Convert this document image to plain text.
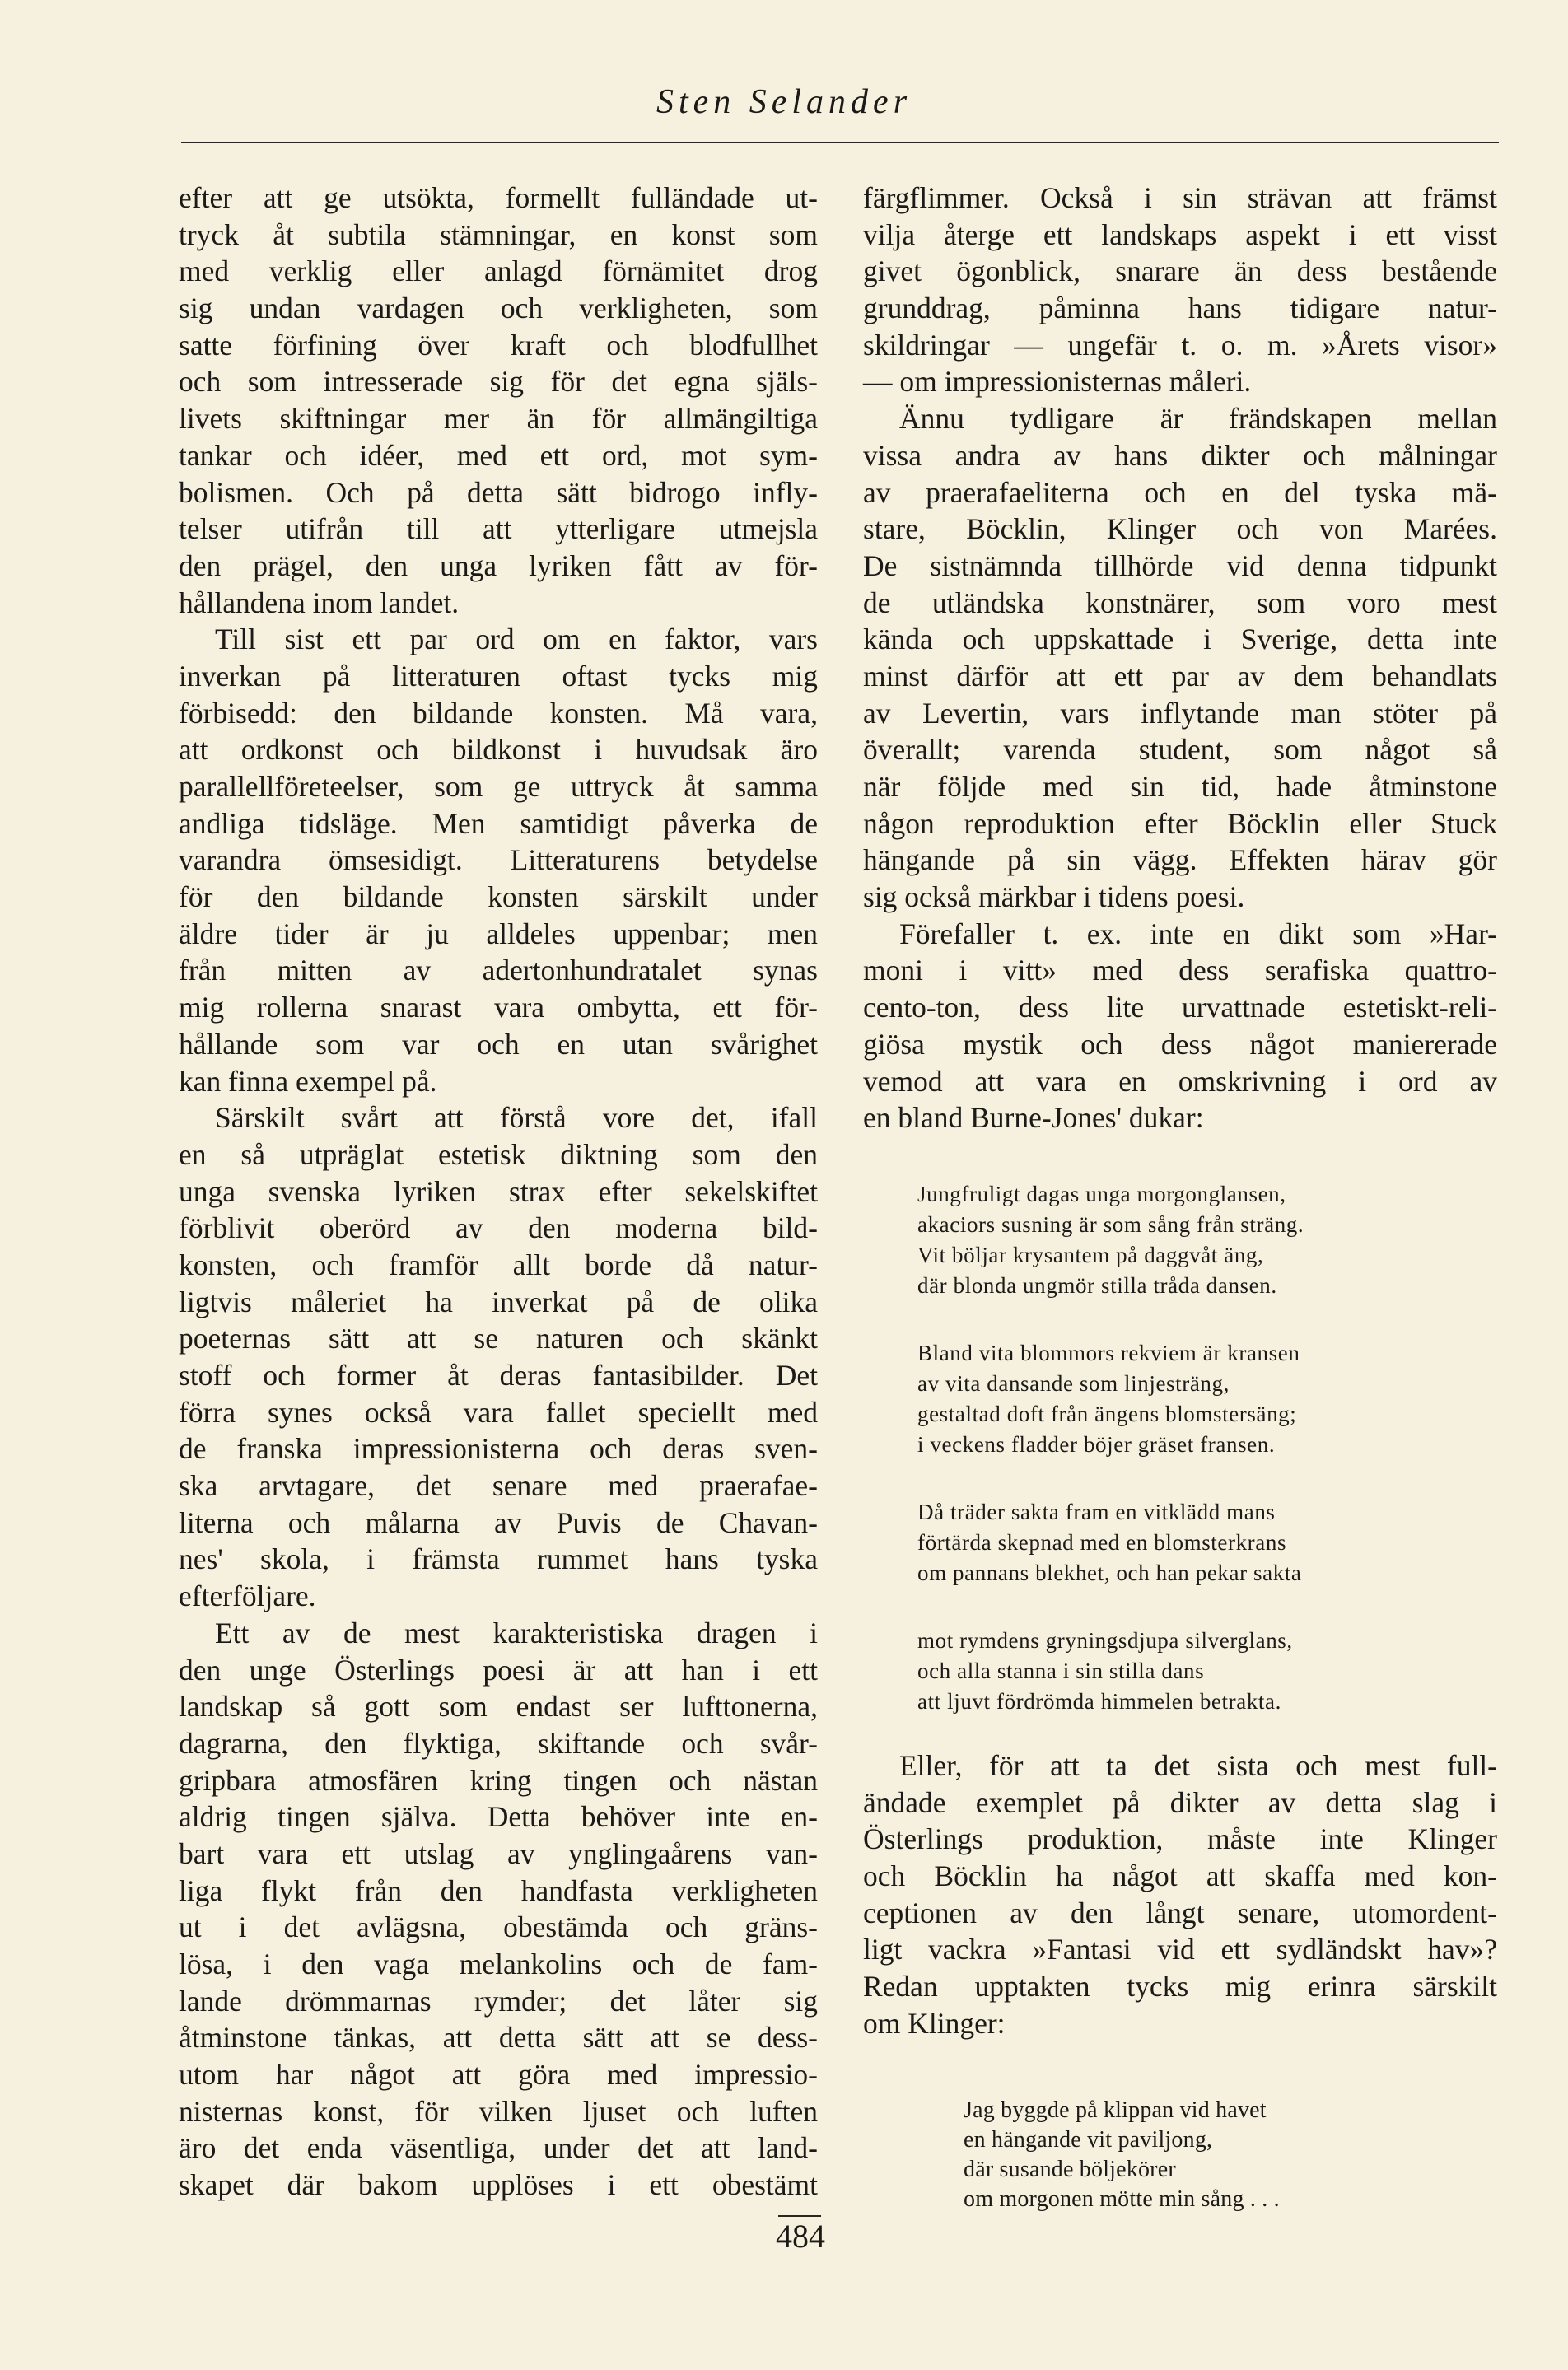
Sten Selander
efter att ge utsökta, formellt fulländade ut-
tryck åt subtila stämningar, en konst som
med verklig eller anlagd förnämitet drog
sig undan vardagen och verkligheten, som
satte förfining över kraft och blodfullhet
och som intresserade sig för det egna själs-
livets skiftningar mer än för allmängiltiga
tankar och idéer, med ett ord, mot sym-
bolismen. Och på detta sätt bidrogo infly-
telser utifrån till att ytterligare utmejsla
den prägel, den unga lyriken fått av för-
hållandena inom landet.
Till sist ett par ord om en faktor, vars
inverkan på litteraturen oftast tycks mig
förbisedd: den bildande konsten. Må vara,
att ordkonst och bildkonst i huvudsak äro
parallellföreteelser, som ge uttryck åt samma
andliga tidsläge. Men samtidigt påverka de
varandra ömsesidigt. Litteraturens betydelse
för den bildande konsten särskilt under
äldre tider är ju alldeles uppenbar; men
från mitten av adertonhundratalet synas
mig rollerna snarast vara ombytta, ett för-
hållande som var och en utan svårighet
kan finna exempel på.
Särskilt svårt att förstå vore det, ifall
en så utpräglat estetisk diktning som den
unga svenska lyriken strax efter sekelskiftet
förblivit oberörd av den moderna bild-
konsten, och framför allt borde då natur-
ligtvis måleriet ha inverkat på de olika
poeternas sätt att se naturen och skänkt
stoff och former åt deras fantasibilder. Det
förra synes också vara fallet speciellt med
de franska impressionisterna och deras sven-
ska arvtagare, det senare med praerafae-
literna och målarna av Puvis de Chavan-
nes' skola, i främsta rummet hans tyska
efterföljare.
Ett av de mest karakteristiska dragen i
den unge Österlings poesi är att han i ett
landskap så gott som endast ser lufttonerna,
dagrarna, den flyktiga, skiftande och svår-
gripbara atmosfären kring tingen och nästan
aldrig tingen själva. Detta behöver inte en-
bart vara ett utslag av ynglingaårens van-
liga flykt från den handfasta verkligheten
ut i det avlägsna, obestämda och gräns-
lösa, i den vaga melankolins och de fam-
lande drömmarnas rymder; det låter sig
åtminstone tänkas, att detta sätt att se dess-
utom har något att göra med impressio-
nisternas konst, för vilken ljuset och luften
äro det enda väsentliga, under det att land-
skapet där bakom upplöses i ett obestämt
färgflimmer. Också i sin strävan att främst
vilja återge ett landskaps aspekt i ett visst
givet ögonblick, snarare än dess bestående
grunddrag, påminna hans tidigare natur-
skildringar — ungefär t. o. m. »Årets visor»
— om impressionisternas måleri.
Ännu tydligare är frändskapen mellan
vissa andra av hans dikter och målningar
av praerafaeliterna och en del tyska mä-
stare, Böcklin, Klinger och von Marées.
De sistnämnda tillhörde vid denna tidpunkt
de utländska konstnärer, som voro mest
kända och uppskattade i Sverige, detta inte
minst därför att ett par av dem behandlats
av Levertin, vars inflytande man stöter på
överallt; varenda student, som något så
när följde med sin tid, hade åtminstone
någon reproduktion efter Böcklin eller Stuck
hängande på sin vägg. Effekten härav gör
sig också märkbar i tidens poesi.
Förefaller t. ex. inte en dikt som »Har-
moni i vitt» med dess serafiska quattro-
cento-ton, dess lite urvattnade estetiskt-reli-
giösa mystik och dess något maniererade
vemod att vara en omskrivning i ord av
en bland Burne-Jones' dukar:
Jungfruligt dagas unga morgonglansen,
akaciors susning är som sång från sträng.
Vit böljar krysantem på daggvåt äng,
där blonda ungmör stilla tråda dansen.
Bland vita blommors rekviem är kransen
av vita dansande som linjesträng,
gestaltad doft från ängens blomstersäng;
i veckens fladder böjer gräset fransen.
Då träder sakta fram en vitklädd mans
förtärda skepnad med en blomsterkrans
om pannans blekhet, och han pekar sakta
mot rymdens gryningsdjupa silverglans,
och alla stanna i sin stilla dans
att ljuvt fördrömda himmelen betrakta.
Eller, för att ta det sista och mest full-
ändade exemplet på dikter av detta slag i
Österlings produktion, måste inte Klinger
och Böcklin ha något att skaffa med kon-
ceptionen av den långt senare, utomordent-
ligt vackra »Fantasi vid ett sydländskt hav»?
Redan upptakten tycks mig erinra särskilt
om Klinger:
Jag byggde på klippan vid havet
en hängande vit paviljong,
där susande böljekörer
om morgonen mötte min sång . . .
484
